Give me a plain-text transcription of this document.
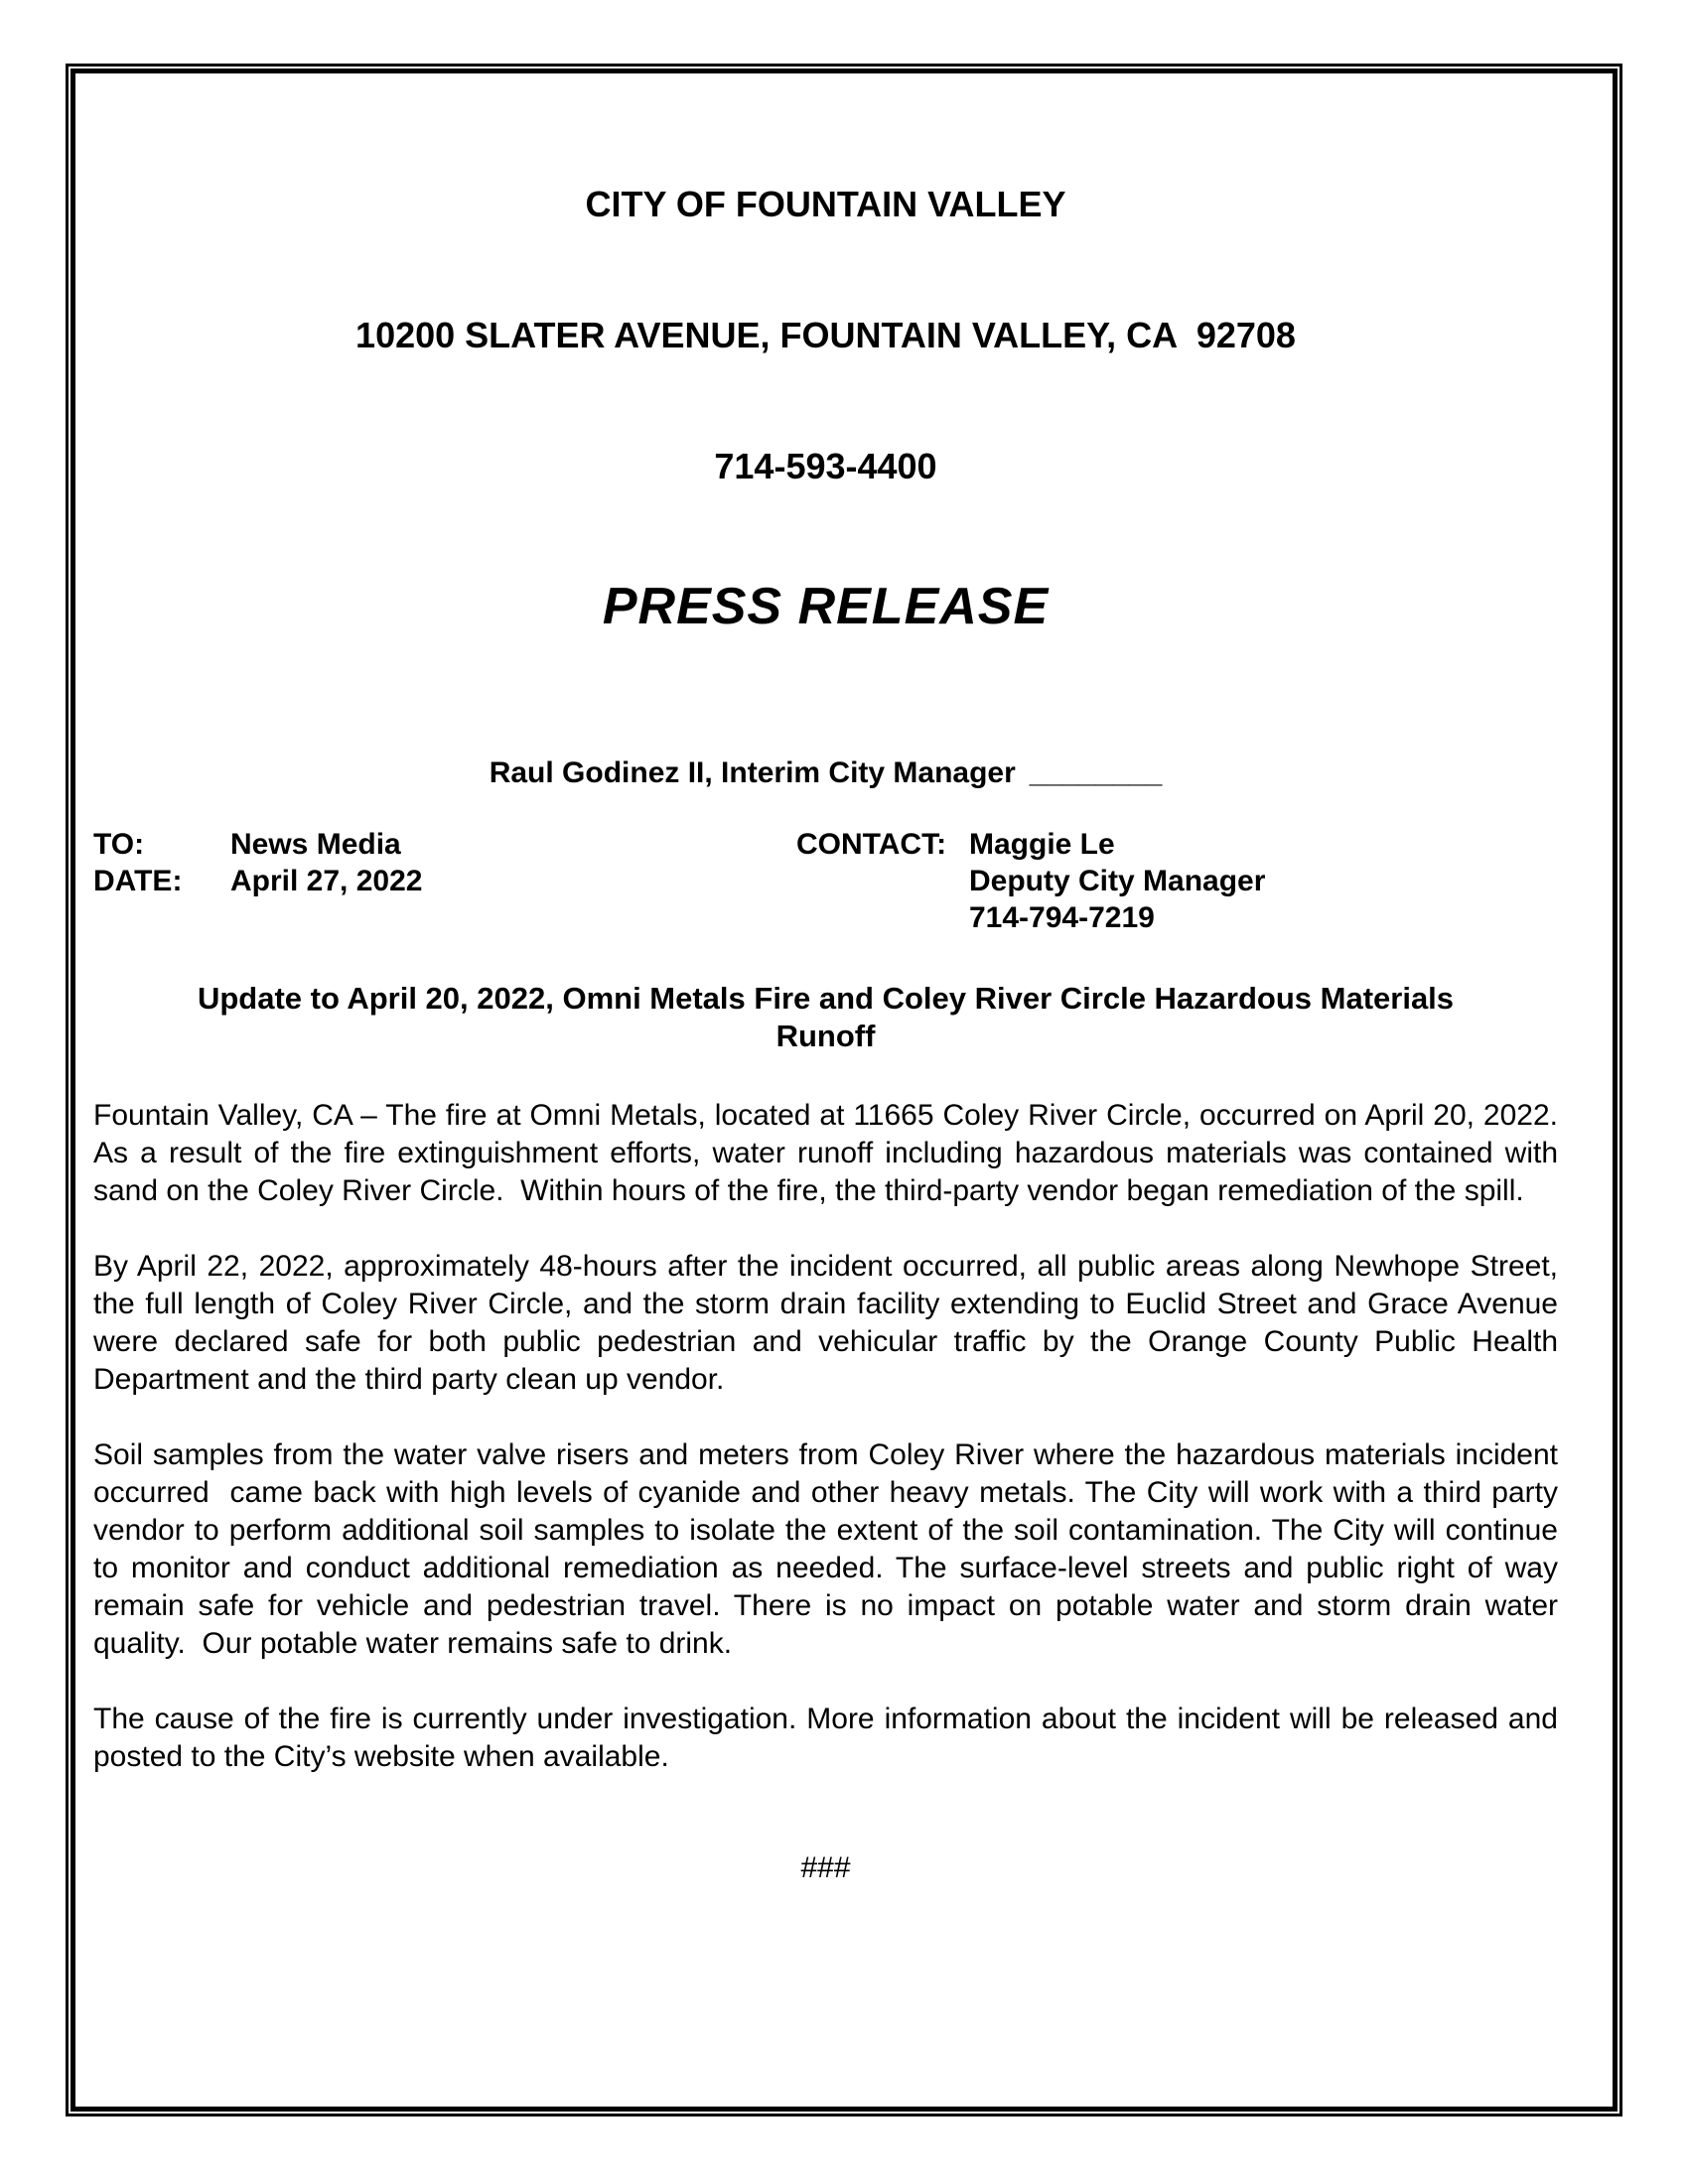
CITY OF FOUNTAIN VALLEY

10200 SLATER AVENUE, FOUNTAIN VALLEY, CA  92708

714-593-4400

PRESS RELEASE

Raul Godinez II, Interim City Manager ________
TO:	News Media	CONTACT: Maggie Le
DATE:	April 27, 2022	Deputy City Manager
714-794-7219
Update to April 20, 2022, Omni Metals Fire and Coley River Circle Hazardous Materials
Runoff

Fountain Valley, CA – The fire at Omni Metals, located at 11665 Coley River Circle, occurred on April 20, 2022.  As a result of the fire extinguishment efforts, water runoff including hazardous materials was contained with sand on the Coley River Circle.  Within hours of the fire, the third-party vendor began remediation of the spill.

By April 22, 2022, approximately 48-hours after the incident occurred, all public areas along Newhope Street, the full length of Coley River Circle, and the storm drain facility extending to Euclid Street and Grace Avenue were declared safe for both public pedestrian and vehicular traffic by the Orange County Public Health Department and the third party clean up vendor.

Soil samples from the water valve risers and meters from Coley River where the hazardous materials incident occurred  came back with high levels of cyanide and other heavy metals. The City will work with a third party vendor to perform additional soil samples to isolate the extent of the soil contamination. The City will continue to monitor and conduct additional remediation as needed. The surface-level streets and public right of way remain safe for vehicle and pedestrian travel. There is no impact on potable water and storm drain water quality.  Our potable water remains safe to drink.

The cause of the fire is currently under investigation. More information about the incident will be released and posted to the City’s website when available.

###
